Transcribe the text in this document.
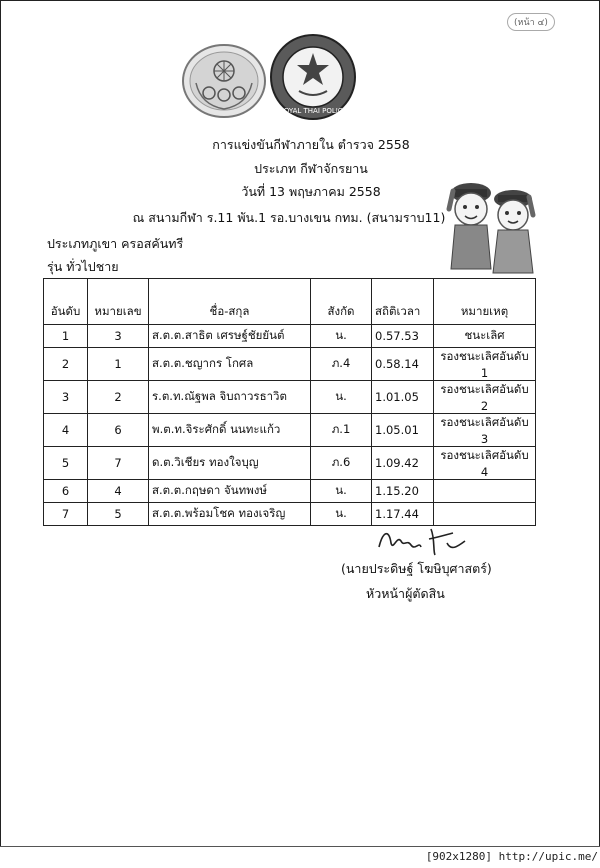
(หน้า ๔)
ROYAL THAI POLICE
การแข่งขันกีฬาภายใน ตำรวจ 2558
ประเภท กีฬาจักรยาน
วันที่ 13 พฤษภาคม 2558
ณ สนามกีฬา ร.11 พัน.1 รอ.บางเขน กทม. (สนามราบ11)
ประเภทภูเขา ครอสคันทรี
รุ่น ทั่วไปชาย
อันดับ	หมายเลข	ชื่อ-สกุล	สังกัด	สถิติเวลา	หมายเหตุ
1	3	ส.ต.ต.สาธิต เศรษฐ์ชัยยันต์	น.	0.57.53	ชนะเลิศ
2	1	ส.ต.ต.ชญากร โกศล	ภ.4	0.58.14	รองชนะเลิศอันดับ 1
3	2	ร.ต.ท.ณัฐพล จิบถาวรธาวิต	น.	1.01.05	รองชนะเลิศอันดับ 2
4	6	พ.ต.ท.จิระศักดิ์ นนทะแก้ว	ภ.1	1.05.01	รองชนะเลิศอันดับ 3
5	7	ด.ต.วิเชียร ทองใจบุญ	ภ.6	1.09.42	รองชนะเลิศอันดับ 4
6	4	ส.ต.ต.กฤษดา จันทพงษ์	น.	1.15.20	
7	5	ส.ต.ต.พร้อมโชค ทองเจริญ	น.	1.17.44	
(นายประดิษฐ์ โฆษิบุศาสตร์)
หัวหน้าผู้ตัดสิน
[902x1280] http://upic.me/
